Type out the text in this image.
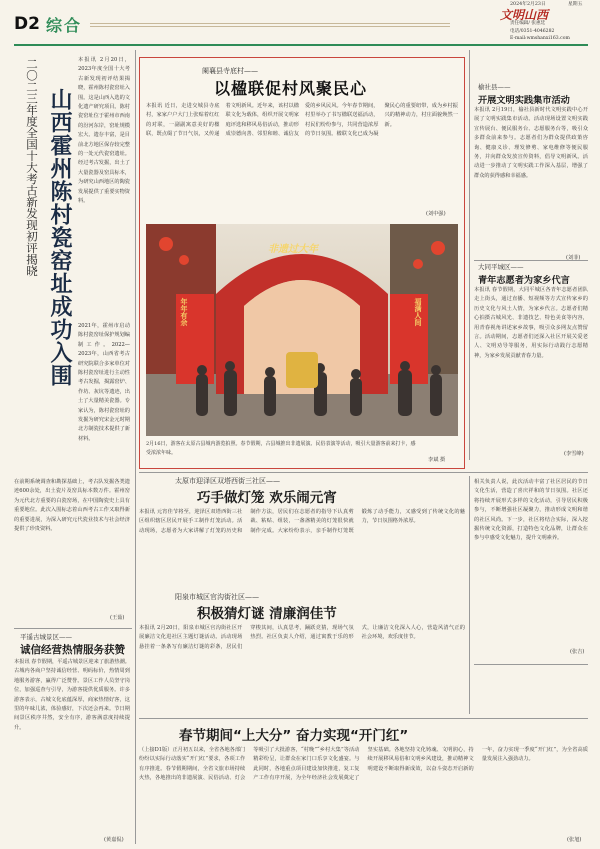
D2 综合
文明山西
2024年2月23日	星期五
责任编辑/ 张惠廷
电话/0351-4046282
E-mail:wmshanxi163.com
二〇二三年度全国十大考古新发现初评揭晓 山西霍州陈村瓷窑址成功入围
本报讯 2月20日，2023年度全国十大考古新发现初评结果揭晓，霍州陈村瓷窑址入围。这是山西入选的文化遗产研究项目。陈村瓷窑址位于霍州市西南的汾河东岸，窑址规模宏大、遗存丰富，是目前北方地区保存较完整的一处元代瓷窑遗址。经过考古发掘，出土了大量瓷器及窑具标本，为研究山西地区的陶瓷发展提供了重要实物资料。
2021年，霍州市启动陈村瓷窑址保护规划编制工作。2022—2023年，山西省考古研究院联合多家单位对陈村瓷窑址进行主动性考古发掘，揭露窑炉、作坊、灰坑等遗迹，出土了大量精美瓷器。专家认为，陈村瓷窑址的发掘为研究宋金元时期北方制瓷技术提供了新材料。
在前期系统调查和勘探基础上，考古队发掘各类遗迹600余处，出土瓷片及窑具标本数万件。霍州窑为元代北方重要的白瓷窑场，在中国陶瓷史上具有重要地位。此次入围标志着山西考古工作又取得新的重要进展，为深入研究元代瓷业技术与社会经济提供了珍贵资料。
(王茹)
平遥古城景区——
诚信经营热情服务获赞
本报讯 春节假期，平遥古城景区迎来了旅游热潮。古城内各商户坚持诚信经营、明码标价，热情周到地服务游客，赢得广泛赞誉。景区工作人员坚守岗位，加强巡查与引导，为游客提供优质服务。许多游客表示，古城文化底蕴深厚，商家热情好客，这里的年味儿浓，体验感好，下次还会再来。节日期间景区秩序井然，安全有序，游客满意度持续提升。
(黄嘉侃)
阑襄县寺底村——
以楹联促村风聚民心
本报讯 近日，走进交城县寺底村，家家户户大门上张贴着红红的对联，一副副寓意美好的楹联，既点缀了节日气氛，又传递着文明新风。近年来，该村以楹联文化为载体，组织开展文明家庭评选和移风易俗活动，推动形成崇德向善、邻里和睦、诚信友爱的乡风民风。今年春节期间，村里举办了书写楹联送福活动，村民们纷纷参与，共同营造浓厚的节日氛围。楹联文化已成为凝聚民心的重要纽带，成为乡村振兴的精神动力，村庄面貌焕然一新。
(刘中强)
非遗过大年
年年有余	福满人间
2月16日，游客在太原古县城内游览拍照。春节假期，古县城推出非遗展演、民俗表演等活动，吸引大量游客前来打卡，感受浓浓年味。
李斌 摄
榆社县——
开展文明实践集市活动
本报讯 2月19日，榆社县新时代文明实践中心开展了文明实践集市活动。活动现场设置文明实践宣传展台、便民服务台、志愿服务台等，吸引众多群众前来参与。志愿者们为群众提供政策咨询、健康义诊、理发修剪、家电维修等便民服务，并向群众发放宣传资料，倡导文明新风。活动进一步推动了文明实践工作深入基层，增强了群众的获得感和幸福感。
(刘菲)
大同平城区——
青年志愿者为家乡代言
本报讯 春节假期，大同平城区各青年志愿者团队走上街头，通过直播、短视频等方式宣传家乡的历史文化与风土人情，为家乡代言。志愿者们精心拍摄古城风光、非遗技艺、特色美食等内容，用青春视角讲述家乡故事，吸引众多网友点赞留言。活动期间，志愿者们还深入社区开展关爱老人、文明劝导等服务，用实际行动践行志愿精神，为家乡发展贡献青春力量。
(李雪峰)
太原市迎泽区双塔西街三社区——
巧手做灯笼 欢乐闹元宵
本报讯 元宵佳节将至，迎泽区双塔西街三社区组织辖区居民开展手工制作灯笼活动。活动现场，志愿者为大家讲解了灯笼的历史和制作方法，居民们在志愿者的指导下认真剪裁、粘贴、组装，一盏盏精美的灯笼很快就制作完成。大家纷纷表示，亲手制作灯笼既锻炼了动手能力，又感受到了传统文化的魅力，节日氛围格外浓厚。
阳泉市城区官沟街社区——
积极猜灯谜 清廉润佳节
本报讯 2月20日，阳泉市城区官沟街社区开展廉洁文化进社区主题灯谜活动。活动现场悬挂着一条条写有廉洁灯谜的彩条，居民们穿梭其间，认真思考，踊跃竞猜，现场气氛热烈。社区负责人介绍，通过寓教于乐的形式，让廉洁文化深入人心，营造风清气正的社会环境，欢乐度佳节。
相关负责人说，此次活动丰富了社区居民的节日文化生活，营造了喜庆祥和的节日氛围。社区还将持续开展形式多样的文化活动，引导居民积极参与，不断增强社区凝聚力，推动形成文明和谐的社区风尚。下一步，社区将结合实际，深入挖掘传统文化资源，打造特色文化品牌，让群众在参与中感受文化魅力，提升文明素养。
(张吉)
春节期间“上大分” 奋力实现“开门红”
（上接D1版）正月初五以来，全省各地各部门纷纷以实际行动落实“开门红”要求，各项工作有序推进。春节假期期间，全省文旅市场持续火热，各地推出的非遗展演、民俗活动、灯会等吸引了大批游客，“村晚”“乡村大集”等活动精彩纷呈，让群众在家门口乐享文化盛宴。与此同时，各地重点项目建设加快推进，复工复产工作有序开展，为全年经济社会发展奠定了坚实基础。各地坚持文化铸魂、文明润心，持续开展移风易俗和文明乡风建设，推动精神文明建设不断取得新成效，以奋斗姿态开启新的一年，奋力实现一季度“开门红”，为全省高质量发展注入强劲动力。
(张旭)
